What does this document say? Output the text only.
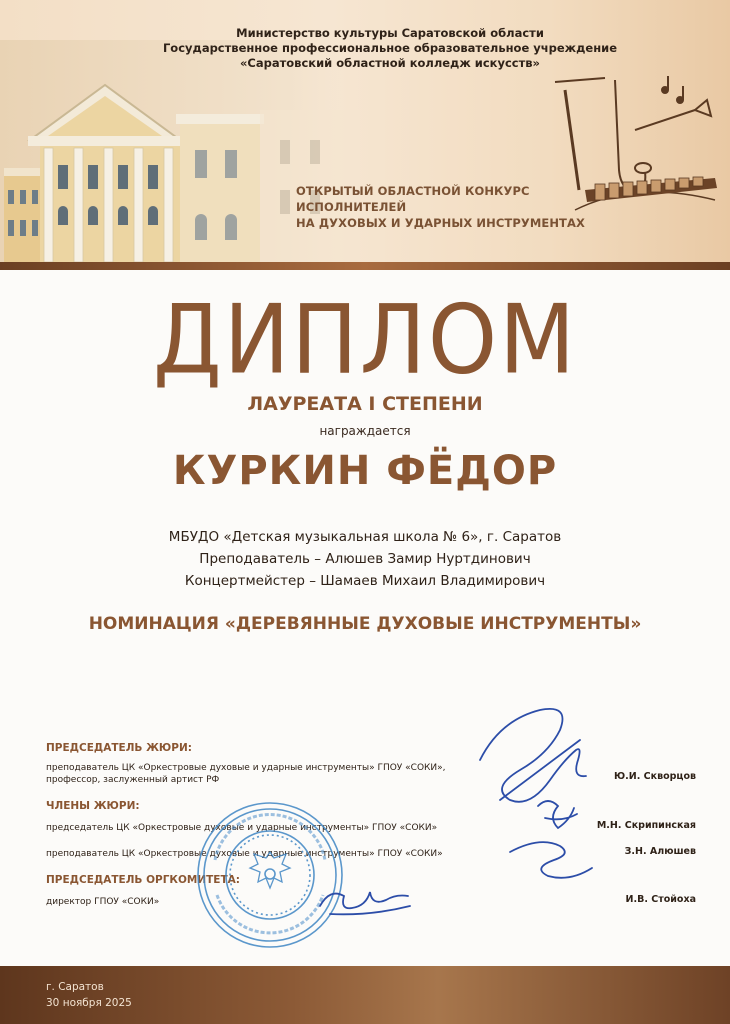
Министерство культуры Саратовской области
Государственное профессиональное образовательное учреждение
«Саратовский областной колледж искусств»
ОТКРЫТЫЙ ОБЛАСТНОЙ КОНКУРС
ИСПОЛНИТЕЛЕЙ
НА ДУХОВЫХ И УДАРНЫХ ИНСТРУМЕНТАХ
ДИПЛОМ
ЛАУРЕАТА I СТЕПЕНИ
награждается
КУРКИН ФЁДОР
МБУДО «Детская музыкальная школа № 6», г. Саратов
Преподаватель – Алюшев Замир Нуртдинович
Концертмейстер – Шамаев Михаил Владимирович
НОМИНАЦИЯ «ДЕРЕВЯННЫЕ ДУХОВЫЕ ИНСТРУМЕНТЫ»
ПРЕДСЕДАТЕЛЬ ЖЮРИ:
преподаватель ЦК «Оркестровые духовые и ударные инструменты» ГПОУ «СОКИ»,
профессор, заслуженный артист РФ	Ю.И. Скворцов
ЧЛЕНЫ ЖЮРИ:
председатель ЦК «Оркестровые духовые и ударные инструменты» ГПОУ «СОКИ»	М.Н. Скрипинская
преподаватель ЦК «Оркестровые духовые и ударные инструменты» ГПОУ «СОКИ»	З.Н. Алюшев
ПРЕДСЕДАТЕЛЬ ОРГКОМИТЕТА:
директор ГПОУ «СОКИ»	И.В. Стойоха
г. Саратов
30 ноября 2025
